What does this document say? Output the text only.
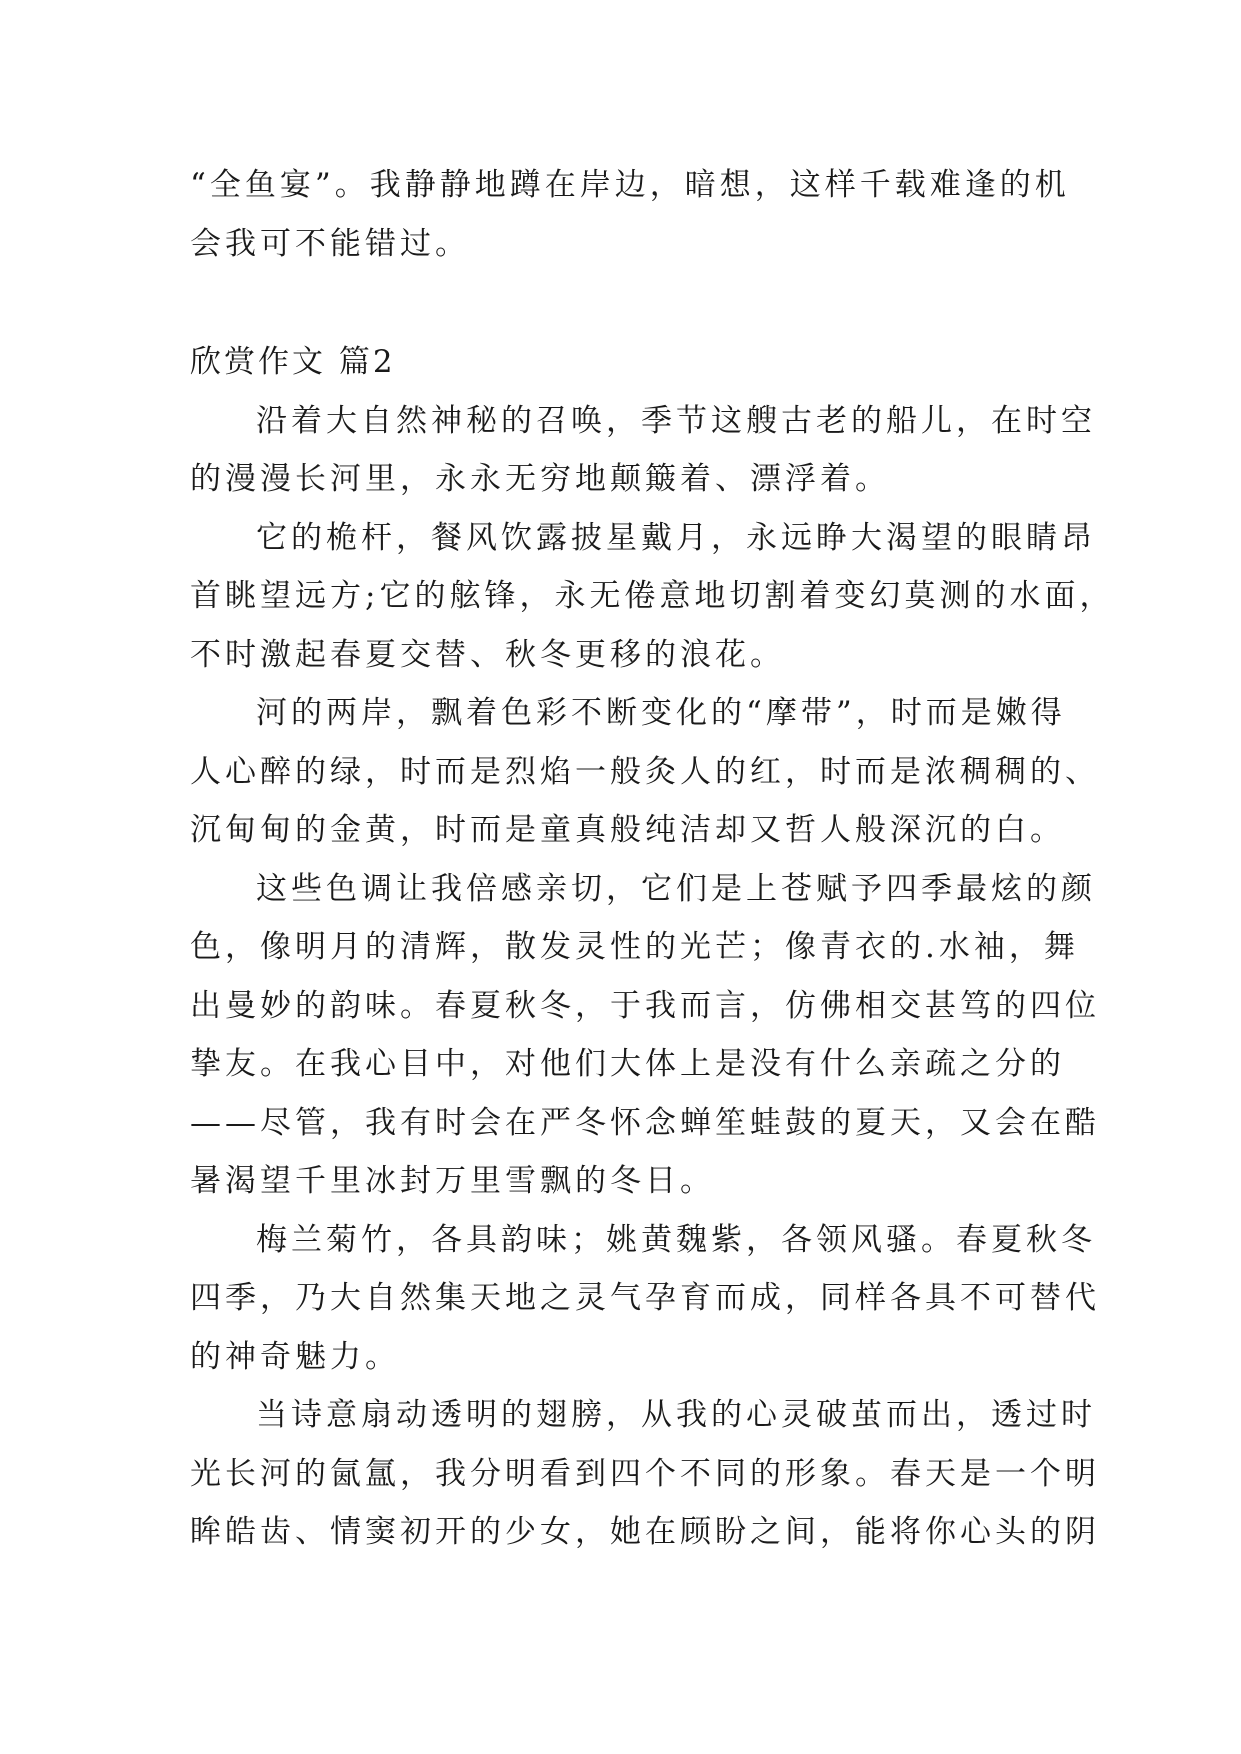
“全鱼宴”。我静静地蹲在岸边，暗想，这样千载难逢的机
会我可不能错过。
欣赏作文 篇2
沿着大自然神秘的召唤，季节这艘古老的船儿，在时空
的漫漫长河里，永永无穷地颠簸着、漂浮着。
它的桅杆，餐风饮露披星戴月，永远睁大渴望的眼睛昂
首眺望远方;它的舷锋，永无倦意地切割着变幻莫测的水面，
不时激起春夏交替、秋冬更移的浪花。
河的两岸，飘着色彩不断变化的“摩带”，时而是嫩得
人心醉的绿，时而是烈焰一般灸人的红，时而是浓稠稠的、
沉甸甸的金黄，时而是童真般纯洁却又哲人般深沉的白。
这些色调让我倍感亲切，它们是上苍赋予四季最炫的颜
色，像明月的清辉，散发灵性的光芒；像青衣的.水袖，舞
出曼妙的韵味。春夏秋冬，于我而言，仿佛相交甚笃的四位
挚友。在我心目中，对他们大体上是没有什么亲疏之分的
——尽管，我有时会在严冬怀念蝉笙蛙鼓的夏天，又会在酷
暑渴望千里冰封万里雪飘的冬日。
梅兰菊竹，各具韵味；姚黄魏紫，各领风骚。春夏秋冬
四季，乃大自然集天地之灵气孕育而成，同样各具不可替代
的神奇魅力。
当诗意扇动透明的翅膀，从我的心灵破茧而出，透过时
光长河的氤氲，我分明看到四个不同的形象。春天是一个明
眸皓齿、情窦初开的少女，她在顾盼之间，能将你心头的阴
